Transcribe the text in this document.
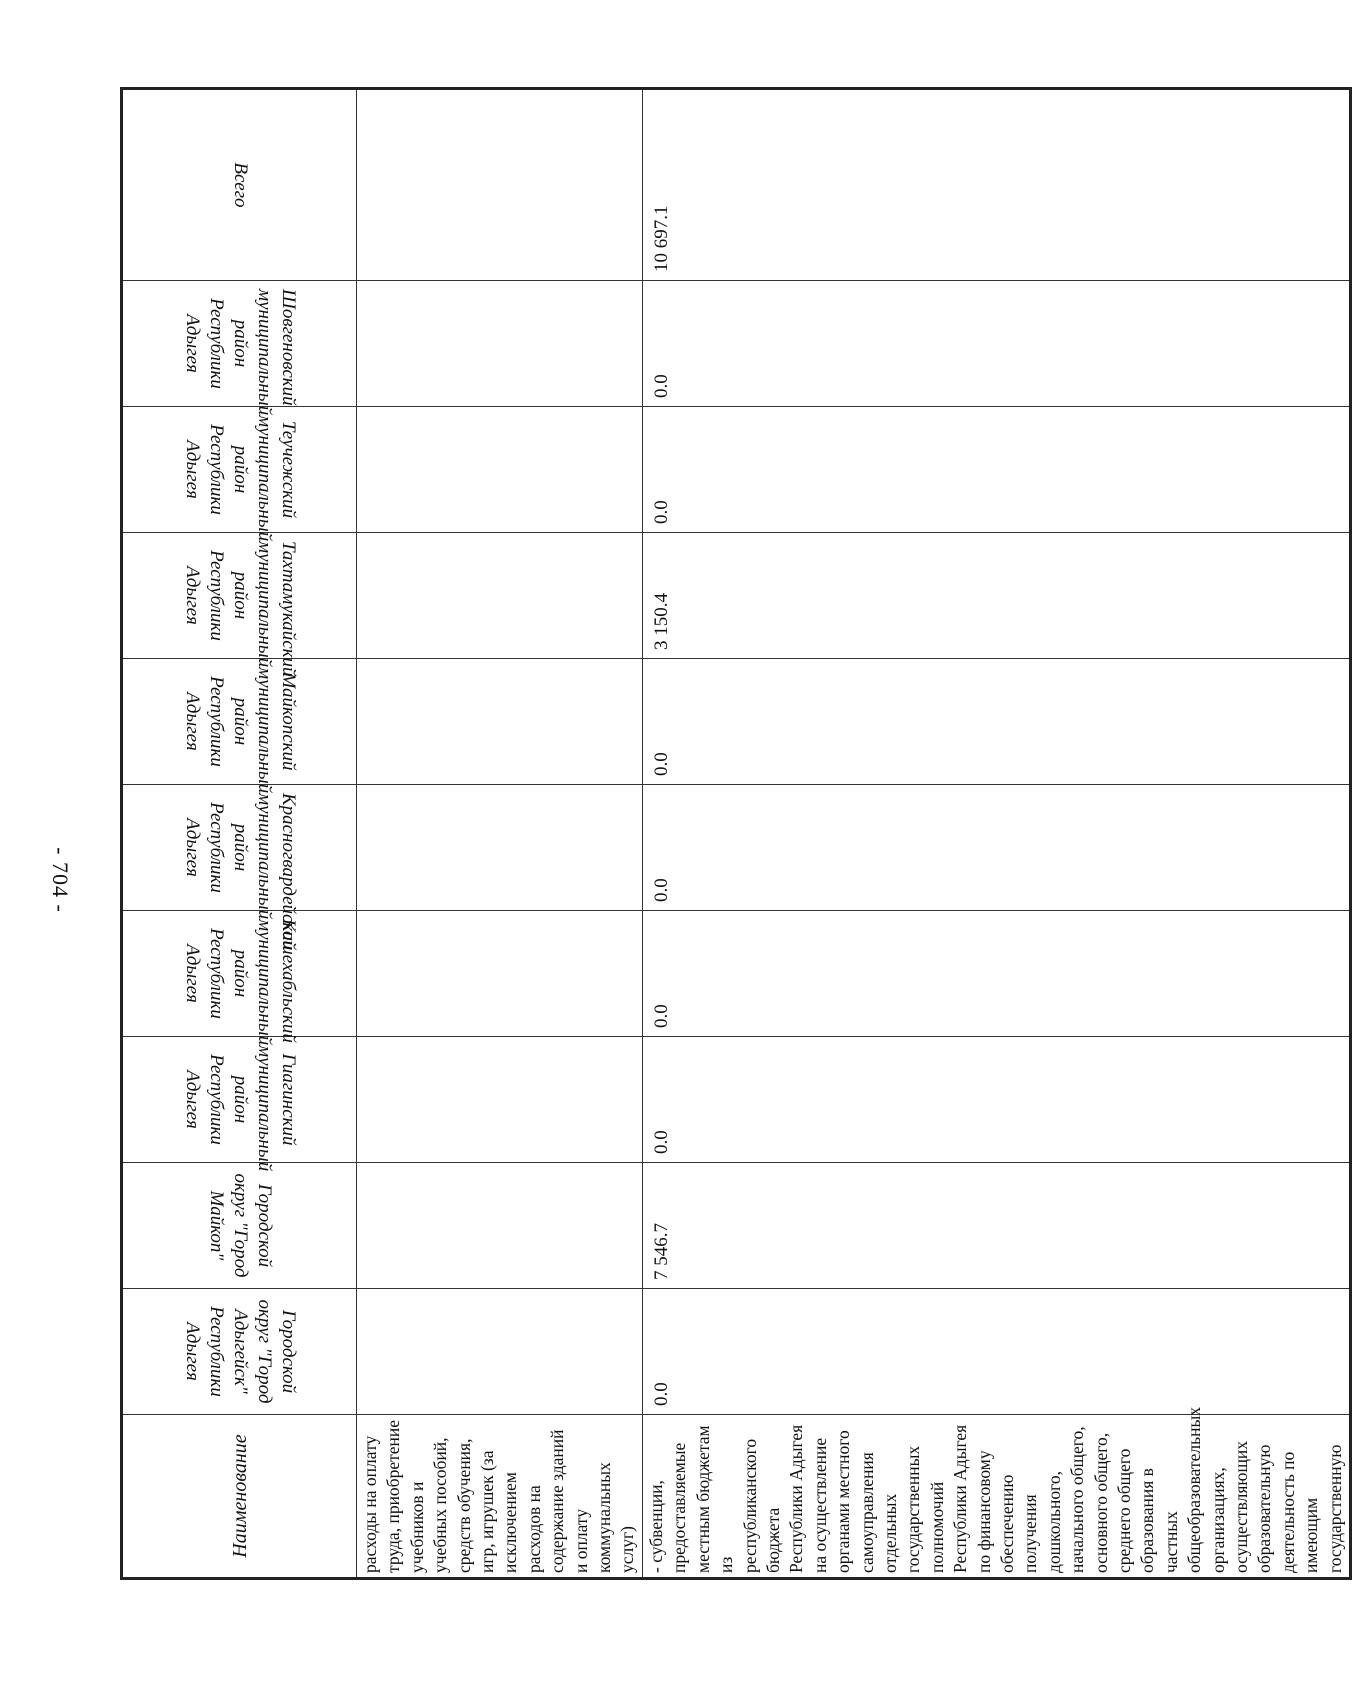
- 704 -
Наименование	Городской округ "Город Адыгейск" Республики Адыгея	Городской округ "Город Майкоп"	Гиагинский муниципальный район Республики Адыгея	Кошехабльский муниципальный район Республики Адыгея	Красногвардейский муниципальный район Республики Адыгея	Майкопский муниципальный район Республики Адыгея	Тахтамукайский муниципальный район Республики Адыгея	Теучежский муниципальный район Республики Адыгея	Шовгеновский муниципальный район Республики Адыгея	Всего

расходы на оплату труда, приобретение учебников и учебных пособий, средств обучения, игр, игрушек (за исключением расходов на содержание зданий и оплату коммунальных услуг)										
- субвенции, предоставляемые местным бюджетам из республиканского бюджета Республики Адыгея на осуществление органами местного самоуправления отдельных государственных полномочий Республики Адыгея по финансовому обеспечению получения дошкольного, начального общего, основного общего, среднего общего образования в частных общеобразовательных организациях, осуществляющих образовательную деятельность по имеющим государственную	0.0	7 546.7	0.0	0.0	0.0	0.0	3 150.4	0.0	0.0	10 697.1
